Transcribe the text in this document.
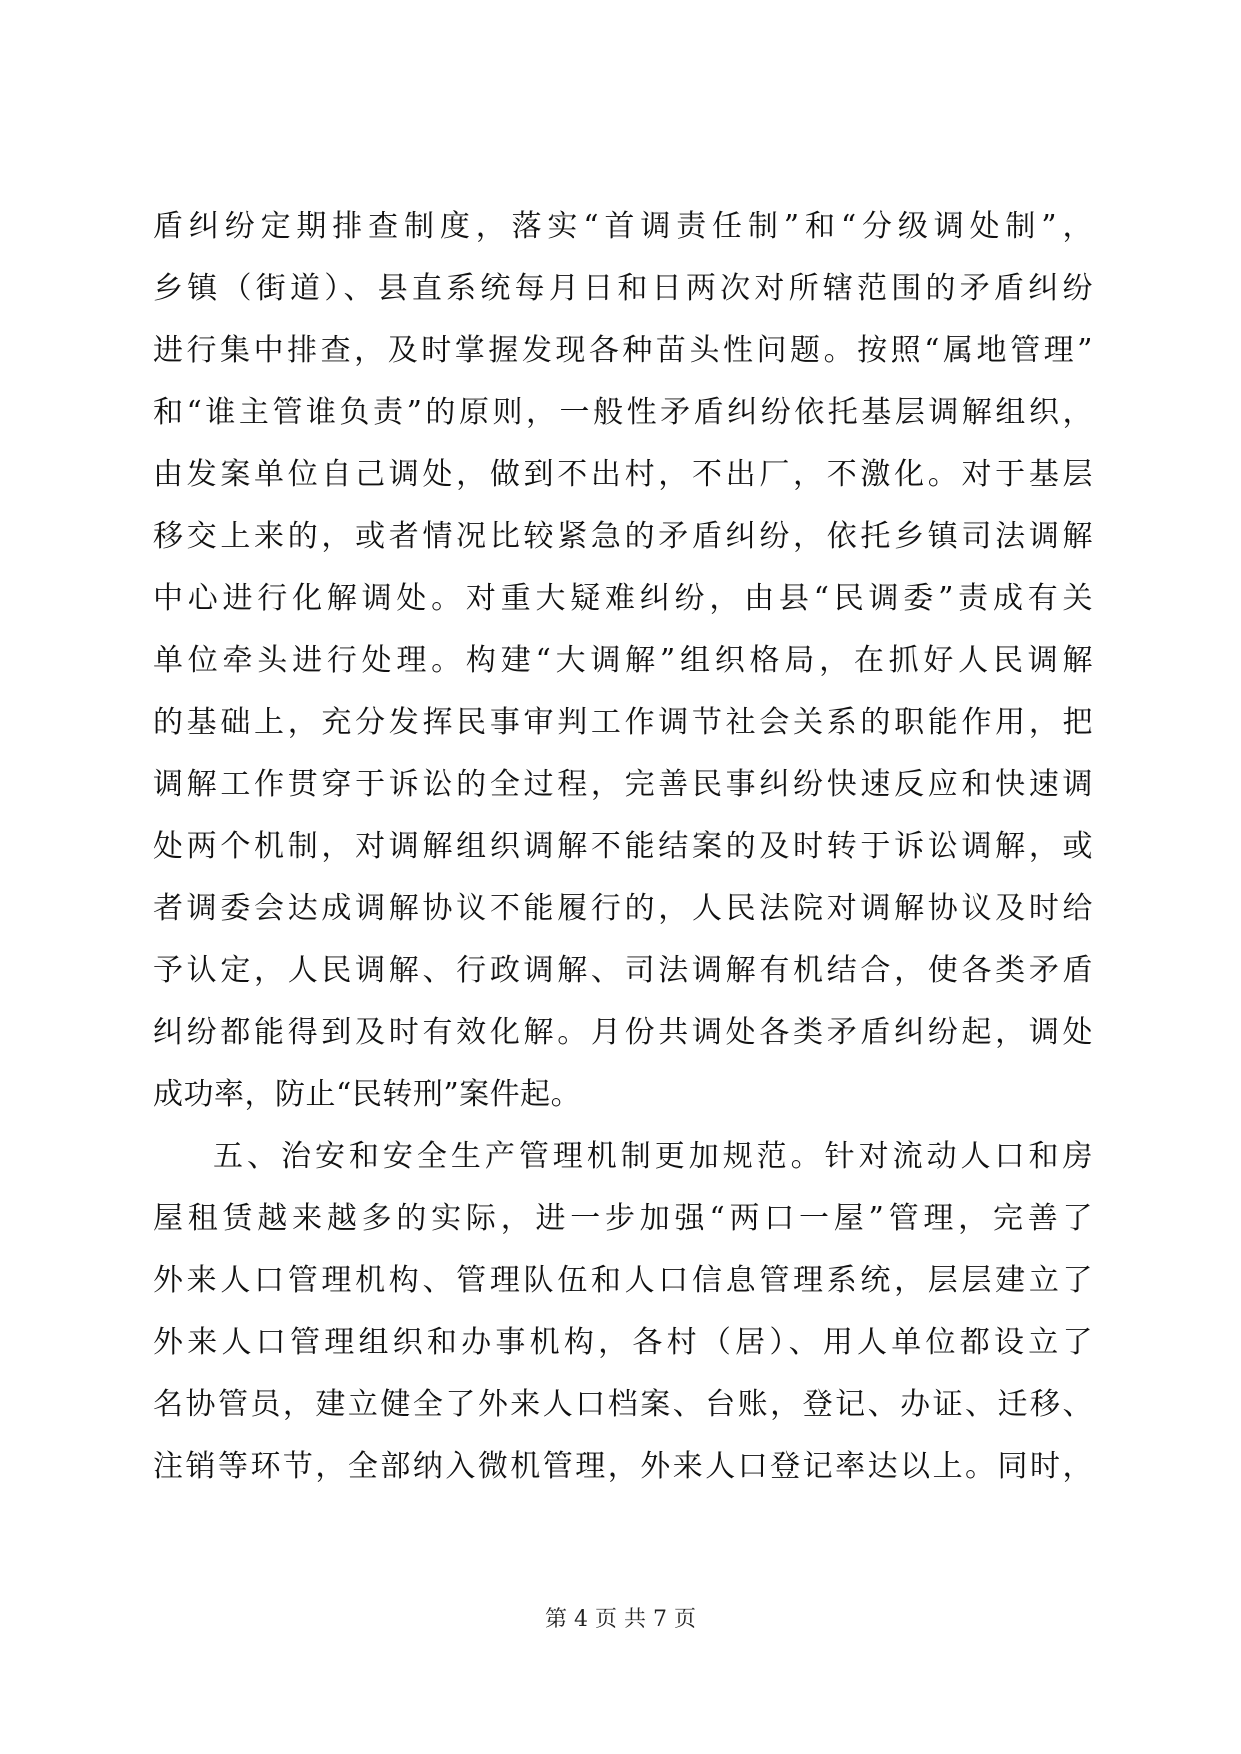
盾纠纷定期排查制度，落实“首调责任制”和“分级调处制”，
乡镇（街道）、县直系统每月日和日两次对所辖范围的矛盾纠纷
进行集中排查，及时掌握发现各种苗头性问题。按照“属地管理”
和“谁主管谁负责”的原则，一般性矛盾纠纷依托基层调解组织，
由发案单位自己调处，做到不出村，不出厂，不激化。对于基层
移交上来的，或者情况比较紧急的矛盾纠纷，依托乡镇司法调解
中心进行化解调处。对重大疑难纠纷，由县“民调委”责成有关
单位牵头进行处理。构建“大调解”组织格局，在抓好人民调解
的基础上，充分发挥民事审判工作调节社会关系的职能作用，把
调解工作贯穿于诉讼的全过程，完善民事纠纷快速反应和快速调
处两个机制，对调解组织调解不能结案的及时转于诉讼调解，或
者调委会达成调解协议不能履行的，人民法院对调解协议及时给
予认定，人民调解、行政调解、司法调解有机结合，使各类矛盾
纠纷都能得到及时有效化解。月份共调处各类矛盾纠纷起，调处
成功率，防止“民转刑”案件起。
五、治安和安全生产管理机制更加规范。针对流动人口和房
屋租赁越来越多的实际，进一步加强“两口一屋”管理，完善了
外来人口管理机构、管理队伍和人口信息管理系统，层层建立了
外来人口管理组织和办事机构，各村（居）、用人单位都设立了
名协管员，建立健全了外来人口档案、台账，登记、办证、迁移、
注销等环节，全部纳入微机管理，外来人口登记率达以上。同时，
第 4 页 共 7 页
